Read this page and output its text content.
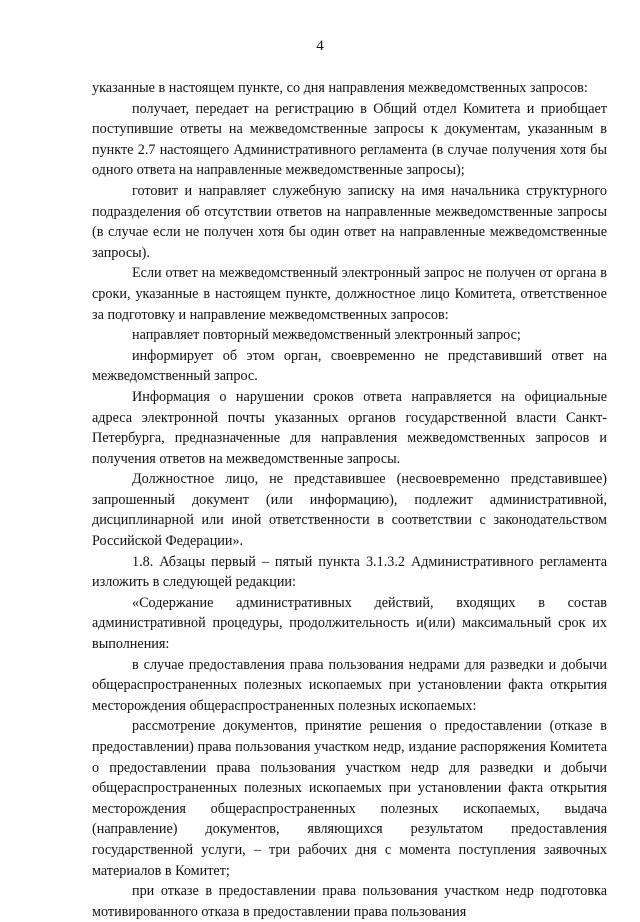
4

указанные в настоящем пункте, со дня направления межведомственных запросов:

получает, передает на регистрацию в Общий отдел Комитета и приобщает поступившие ответы на межведомственные запросы к документам, указанным в пункте 2.7 настоящего Административного регламента (в случае получения хотя бы одного ответа на направленные межведомственные запросы);

готовит и направляет служебную записку на имя начальника структурного подразделения об отсутствии ответов на направленные межведомственные запросы (в случае если не получен хотя бы один ответ на направленные межведомственные запросы).

Если ответ на межведомственный электронный запрос не получен от органа в сроки, указанные в настоящем пункте, должностное лицо Комитета, ответственное за подготовку и направление межведомственных запросов:

направляет повторный межведомственный электронный запрос;

информирует об этом орган, своевременно не представивший ответ на межведомственный запрос.

Информация о нарушении сроков ответа направляется на официальные адреса электронной почты указанных органов государственной власти Санкт-Петербурга, предназначенные для направления межведомственных запросов и получения ответов на межведомственные запросы.

Должностное лицо, не представившее (несвоевременно представившее) запрошенный документ (или информацию), подлежит административной, дисциплинарной или иной ответственности в соответствии с законодательством Российской Федерации».

1.8. Абзацы первый – пятый пункта 3.1.3.2 Административного регламента изложить в следующей редакции:

«Содержание административных действий, входящих в состав административной процедуры, продолжительность и(или) максимальный срок их выполнения:

в случае предоставления права пользования недрами для разведки и добычи общераспространенных полезных ископаемых при установлении факта открытия месторождения общераспространенных полезных ископаемых:

рассмотрение документов, принятие решения о предоставлении (отказе в предоставлении) права пользования участком недр, издание распоряжения Комитета о предоставлении права пользования участком недр для разведки и добычи общераспространенных полезных ископаемых при установлении факта открытия месторождения общераспространенных полезных ископаемых, выдача (направление) документов, являющихся результатом предоставления государственной услуги, – три рабочих дня с момента поступления заявочных материалов в Комитет;

при отказе в предоставлении права пользования участком недр подготовка мотивированного отказа в предоставлении права пользования
